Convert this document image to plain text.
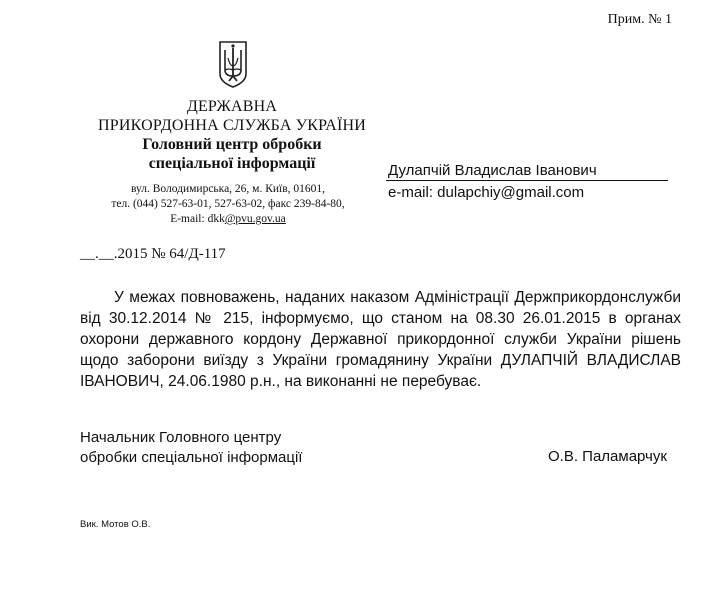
Прим. № 1
ДЕРЖАВНА
ПРИКОРДОННА СЛУЖБА УКРАЇНИ
Головний центр обробки
спеціальної інформації
вул. Володимирська, 26, м. Київ, 01601,
тел. (044) 527-63-01, 527-63-02, факс 239-84-80,
E-mail: dkk@pvu.gov.ua
Дулапчій Владислав Іванович
e-mail: dulapchiy@gmail.com
__.__.2015 № 64/Д-117

У межах повноважень, наданих наказом Адміністрації Держприкордонслужби від 30.12.2014 № 215, інформуємо, що станом на 08.30 26.01.2015 в органах охорони державного кордону Державної прикордонної служби України рішень щодо заборони виїзду з України громадянину України ДУЛАПЧІЙ ВЛАДИСЛАВ ІВАНОВИЧ, 24.06.1980 р.н., на виконанні не перебуває.

Начальник Головного центру
обробки спеціальної інформації	О.В. Паламарчук
Вик. Мотов О.В.
